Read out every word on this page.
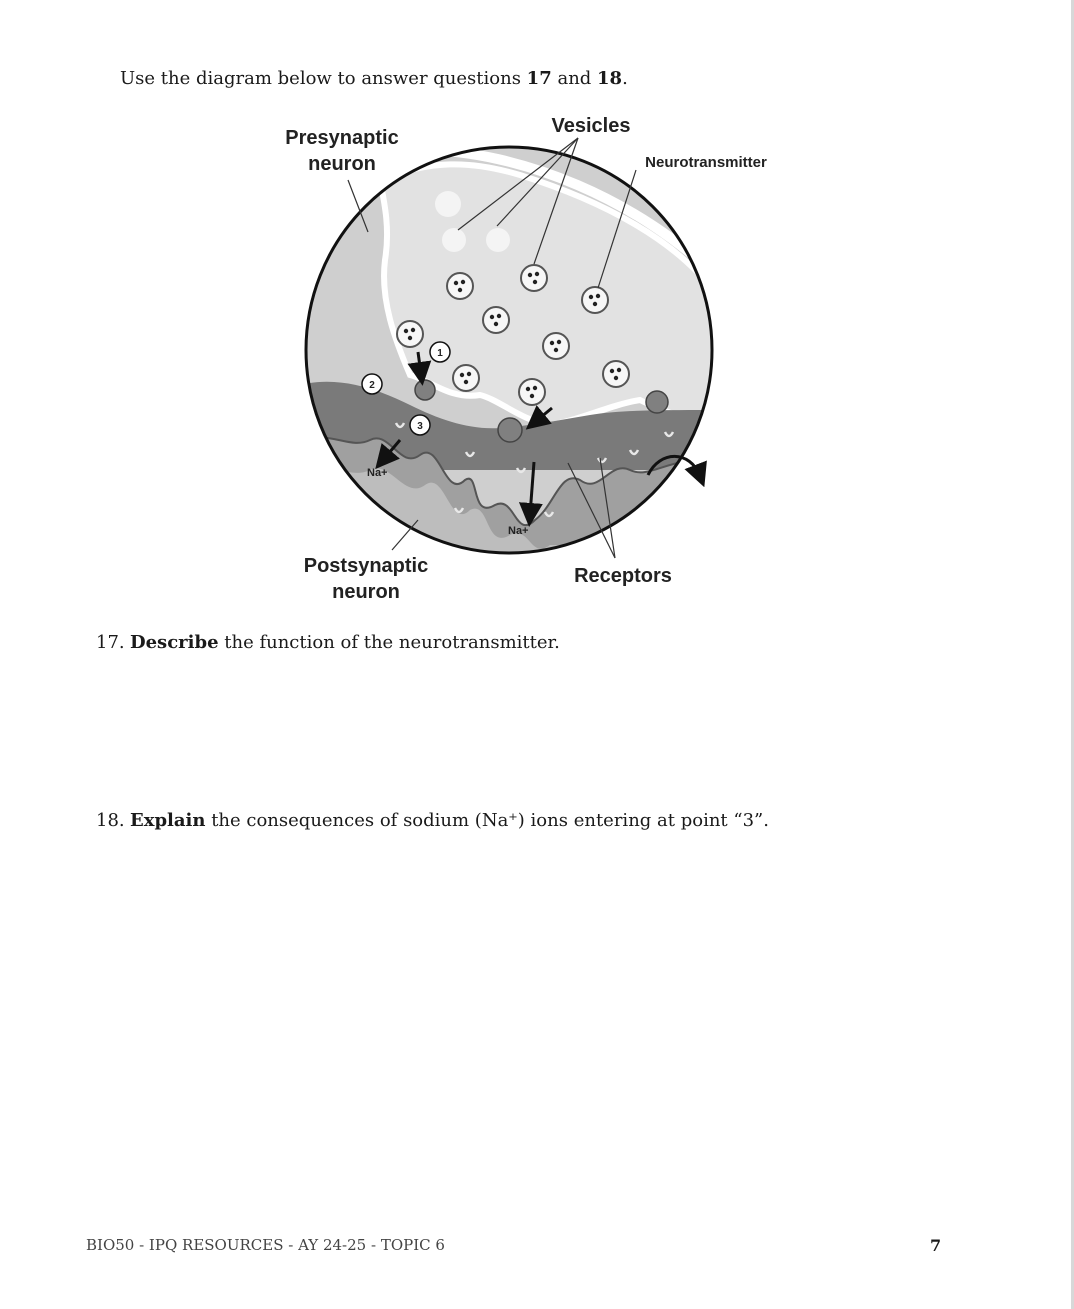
Use the diagram below to answer questions 17 and 18.
1
2
3
Na+
Na+
Presynaptic
neuron
Vesicles
Neurotransmitter
Postsynaptic
neuron
Receptors
17. Describe the function of the neurotransmitter.
18. Explain the consequences of sodium (Na⁺) ions entering at point “3”.
BIO50 - IPQ RESOURCES - AY 24-25 - TOPIC 6	7
